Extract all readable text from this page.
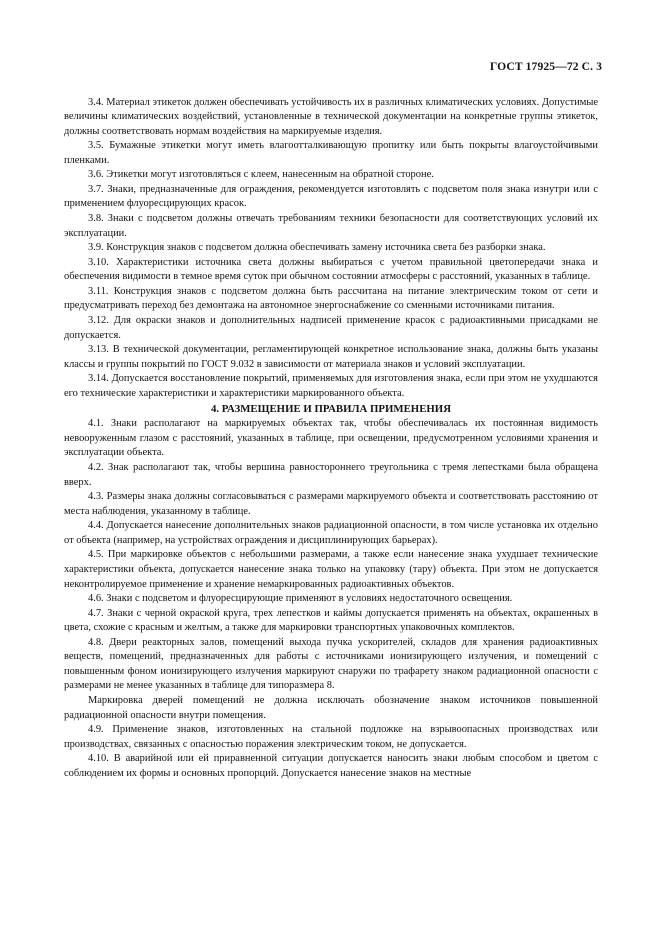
ГОСТ 17925—72 С. 3

3.4. Материал этикеток должен обеспечивать устойчивость их в различных климатических условиях. Допустимые величины климатических воздействий, установленные в технической документации на конкретные группы этикеток, должны соответствовать нормам воздействия на маркируемые изделия.

3.5. Бумажные этикетки могут иметь влагоотталкивающую пропитку или быть покрыты влагоустойчивыми пленками.

3.6. Этикетки могут изготовляться с клеем, нанесенным на обратной стороне.

3.7. Знаки, предназначенные для ограждения, рекомендуется изготовлять с подсветом поля знака изнутри или с применением флуоресцирующих красок.

3.8. Знаки с подсветом должны отвечать требованиям техники безопасности для соответствующих условий их эксплуатации.

3.9. Конструкция знаков с подсветом должна обеспечивать замену источника света без разборки знака.

3.10. Характеристики источника света должны выбираться с учетом правильной цветопередачи знака и обеспечения видимости в темное время суток при обычном состоянии атмосферы с расстояний, указанных в таблице.

3.11. Конструкция знаков с подсветом должна быть рассчитана на питание электрическим током от сети и предусматривать переход без демонтажа на автономное энергоснабжение со сменными источниками питания.

3.12. Для окраски знаков и дополнительных надписей применение красок с радиоактивными присадками не допускается.

3.13. В технической документации, регламентирующей конкретное использование знака, должны быть указаны классы и группы покрытий по ГОСТ 9.032 в зависимости от материала знаков и условий эксплуатации.

3.14. Допускается восстановление покрытий, применяемых для изготовления знака, если при этом не ухудшаются его технические характеристики и характеристики маркированного объекта.

4. РАЗМЕЩЕНИЕ И ПРАВИЛА ПРИМЕНЕНИЯ

4.1. Знаки располагают на маркируемых объектах так, чтобы обеспечивалась их постоянная видимость невооруженным глазом с расстояний, указанных в таблице, при освещении, предусмотренном условиями хранения и эксплуатации объекта.

4.2. Знак располагают так, чтобы вершина равностороннего треугольника с тремя лепестками была обращена вверх.

4.3. Размеры знака должны согласовываться с размерами маркируемого объекта и соответствовать расстоянию от места наблюдения, указанному в таблице.

4.4. Допускается нанесение дополнительных знаков радиационной опасности, в том числе установка их отдельно от объекта (например, на устройствах ограждения и дисциплинирующих барьерах).

4.5. При маркировке объектов с небольшими размерами, а также если нанесение знака ухудшает технические характеристики объекта, допускается нанесение знака только на упаковку (тару) объекта. При этом не допускается неконтролируемое применение и хранение немаркированных радиоактивных объектов.

4.6. Знаки с подсветом и флуоресцирующие применяют в условиях недостаточного освещения.

4.7. Знаки с черной окраской круга, трех лепестков и каймы допускается применять на объектах, окрашенных в цвета, схожие с красным и желтым, а также для маркировки транспортных упаковочных комплектов.

4.8. Двери реакторных залов, помещений выхода пучка ускорителей, складов для хранения радиоактивных веществ, помещений, предназначенных для работы с источниками ионизирующего излучения, и помещений с повышенным фоном ионизирующего излучения маркируют снаружи по трафарету знаком радиационной опасности с размерами не менее указанных в таблице для типоразмера 8.

Маркировка дверей помещений не должна исключать обозначение знаком источников повышенной радиационной опасности внутри помещения.

4.9. Применение знаков, изготовленных на стальной подложке на взрывоопасных производствах или производствах, связанных с опасностью поражения электрическим током, не допускается.

4.10. В аварийной или ей приравненной ситуации допускается наносить знаки любым способом и цветом с соблюдением их формы и основных пропорций. Допускается нанесение знаков на местные
